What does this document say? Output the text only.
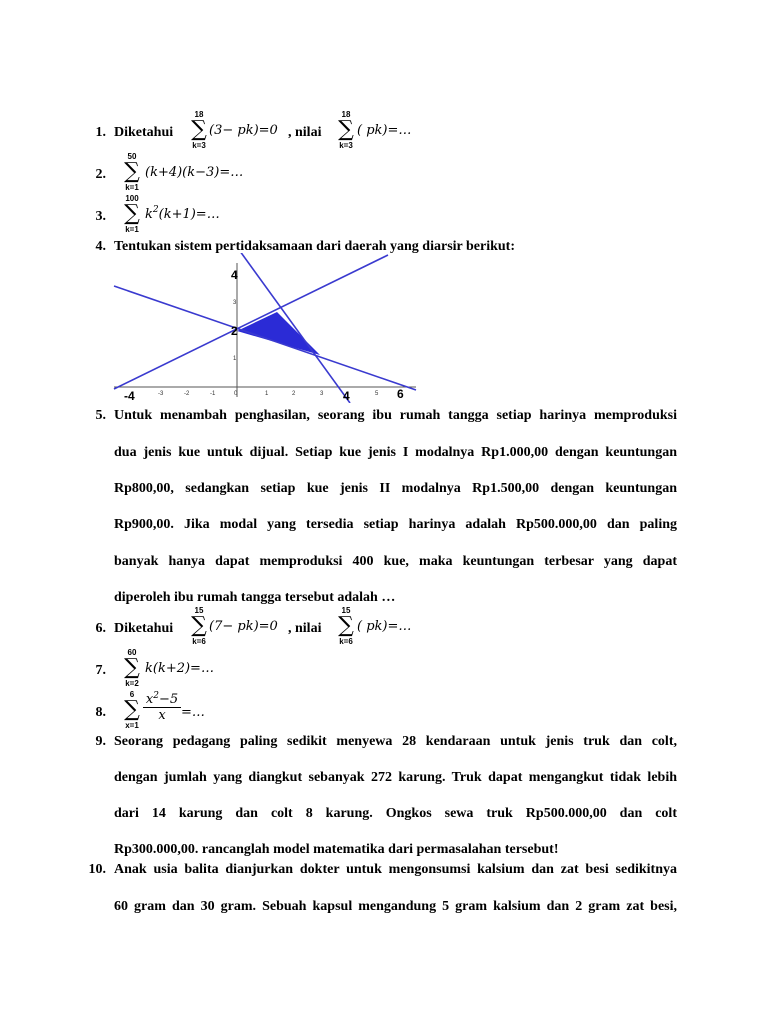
1. Diketahui
18
∑
k=3
(3− pk)=0 , nilai
18
∑
k=3
( pk)=…
2.
50
∑
k=1
(k+4)(k−3)=…
3.
100
∑
k=1
$k^2(k+1)=\dots$
4. Tentukan sistem pertidaksamaan dari daerah yang diarsir berikut:
-3	-2	-1	0	1	2	3	5
3
1
-4	4	6
4
2
5. Untuk menambah penghasilan, seorang ibu rumah tangga setiap harinya memproduksi
dua jenis kue untuk dijual. Setiap kue jenis I modalnya Rp1.000,00 dengan keuntungan
Rp800,00, sedangkan setiap kue jenis II modalnya Rp1.500,00 dengan keuntungan
Rp900,00. Jika modal yang tersedia setiap harinya adalah Rp500.000,00 dan paling
banyak hanya dapat memproduksi 400 kue, maka keuntungan terbesar yang dapat
diperoleh ibu rumah tangga tersebut adalah …
6. Diketahui
15
∑
k=6
(7− pk)=0 , nilai
15
∑
k=6
( pk)=…
7.
60
∑
k=2
k(k+2)=…
8.
6
∑
x=1
$\frac{x^2-5}{x}$ =…
9. Seorang pedagang paling sedikit menyewa 28 kendaraan untuk jenis truk dan colt,
dengan jumlah yang diangkut sebanyak 272 karung. Truk dapat mengangkut tidak lebih
dari 14 karung dan colt 8 karung. Ongkos sewa truk Rp500.000,00 dan colt
Rp300.000,00. rancanglah model matematika dari permasalahan tersebut!
10. Anak usia balita dianjurkan dokter untuk mengonsumsi kalsium dan zat besi sedikitnya
60 gram dan 30 gram. Sebuah kapsul mengandung 5 gram kalsium dan 2 gram zat besi,
